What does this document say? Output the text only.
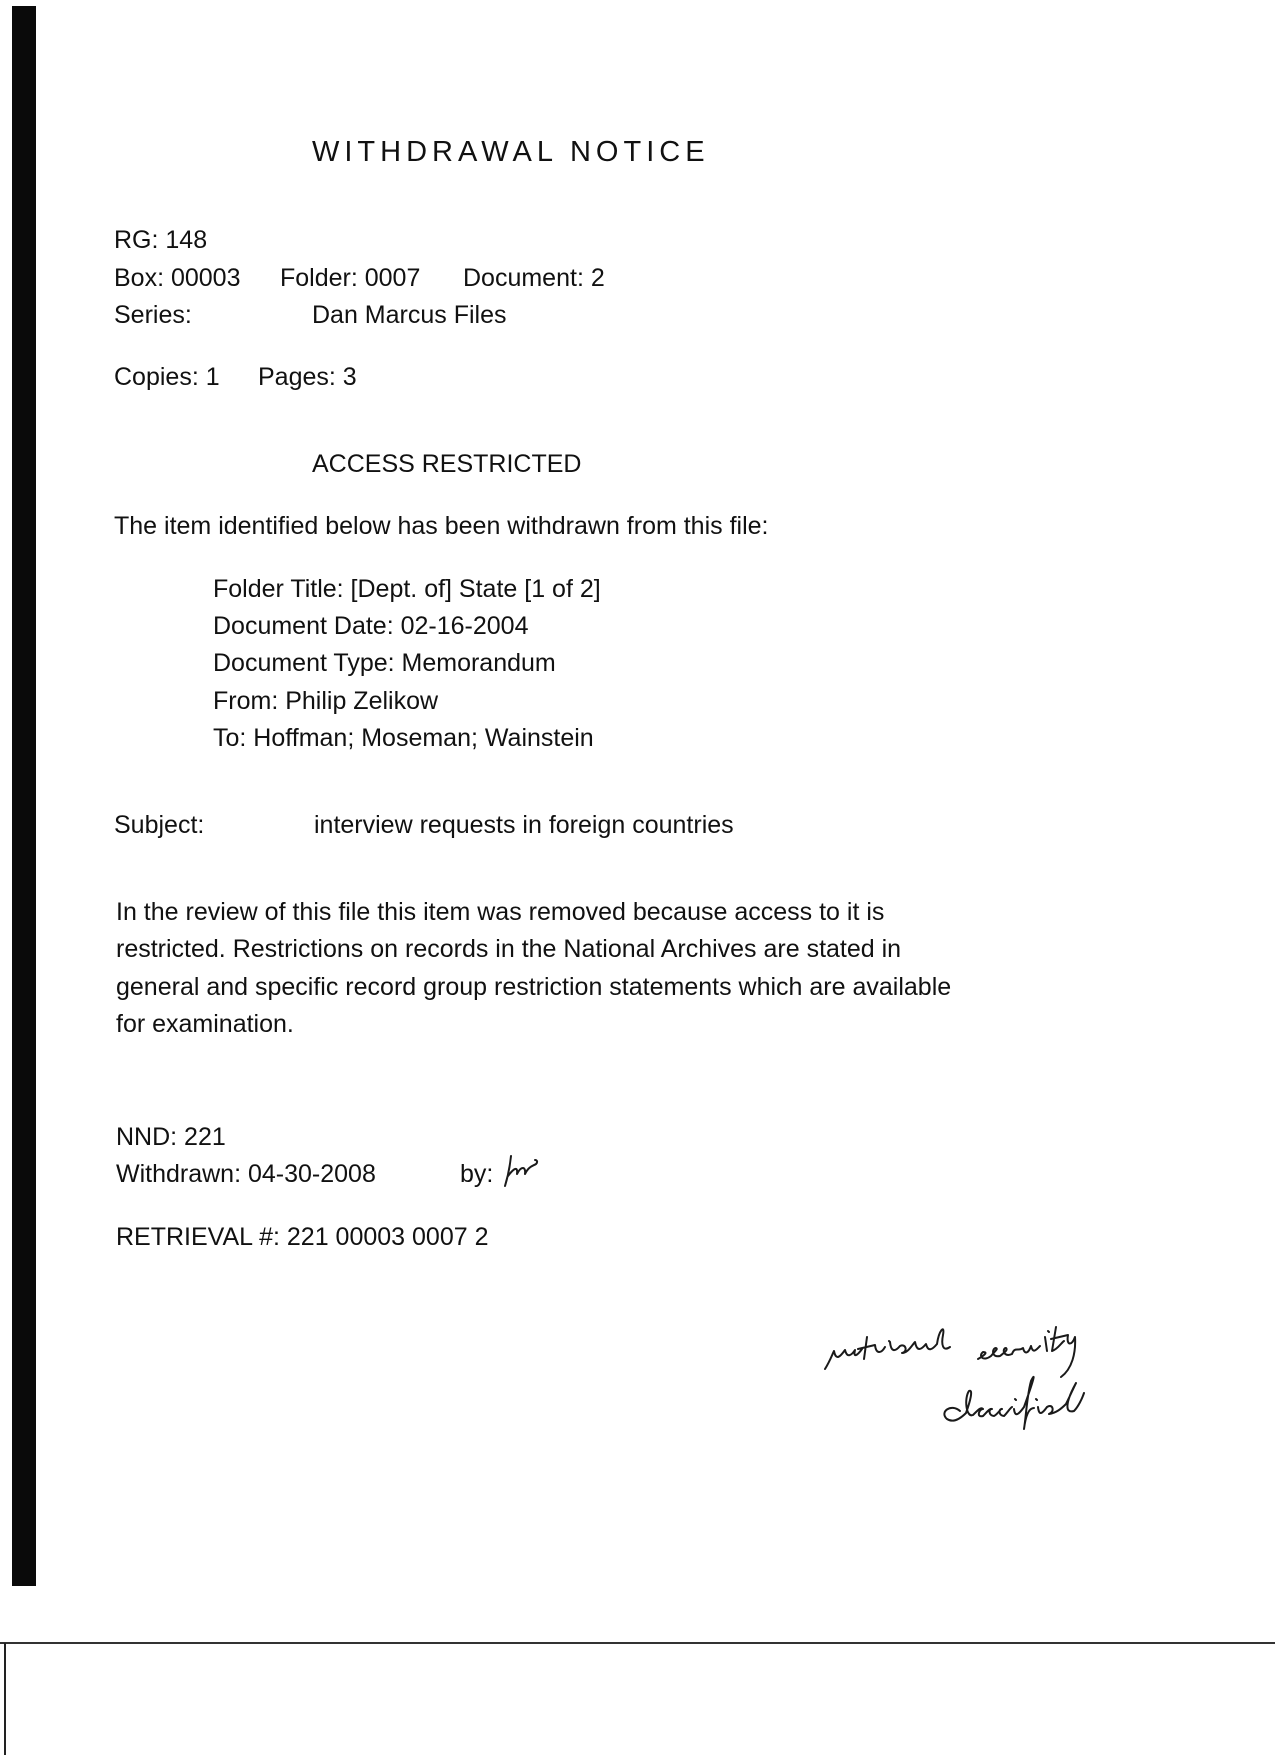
WITHDRAWAL NOTICE
RG: 148
Box: 00003 Folder: 0007 Document: 2
Series:	Dan Marcus Files
Copies: 1 Pages: 3
ACCESS RESTRICTED
The item identified below has been withdrawn from this file:
Folder Title: [Dept. of] State [1 of 2]
Document Date: 02-16-2004
Document Type: Memorandum
From: Philip Zelikow
To: Hoffman; Moseman; Wainstein
Subject:	interview requests in foreign countries
In the review of this file this item was removed because access to it is
restricted. Restrictions on records in the National Archives are stated in
general and specific record group restriction statements which are available
for examination.
NND: 221
Withdrawn: 04-30-2008	by:
RETRIEVAL #: 221 00003 0007 2
